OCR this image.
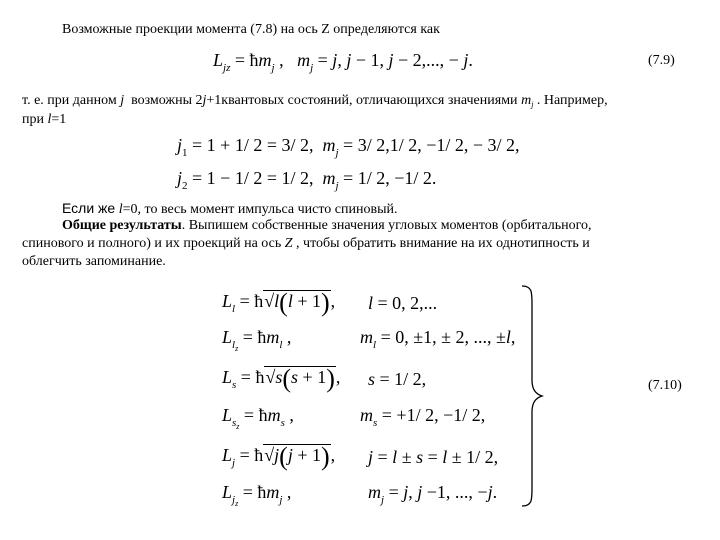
Возможные проекции момента (7.8) на ось Z определяются как
$L_{jz}$ = $ħm_j$ ,   $m_j = j$, j − 1, j − 2,..., − j.	(7.9)
т. е. при данном j  возможны 2j+1квантовых состояний, отличающихся значениями $m_j$ . Например,
при l=1
$j_1 = 1 + 1/$ 2 = 3/ 2,  $m_j = 3/$ 2,1/ 2, −1/ 2, − 3/ 2,
$j_2 = 1 - 1/$ 2 = 1/ 2,  $m_j = 1/$ 2, −1/ 2.
Если же l=0, то весь момент импульса чисто спиновый.
Общие результаты. Выпишем собственные значения угловых моментов (орбитального,
спинового и полного) и их проекций на ось Z , чтобы обратить внимание на их однотипность и
облегчить запоминание.
$L_l$ = ħ√l(l + 1), l = 0, 2,...
$L_{l_z}$ = $ħm_l$ ,	$m_l = 0$, ±1, ± 2, ..., ±l,
$L_s$ = ħ√s(s + 1), s = 1/ 2,
$L_{s_z}$ = $ħm_s$ ,	$m_s = +1/$ 2, −1/ 2,
$L_j$ = ħ√j(j + 1), j = l ± s = l ± 1/ 2,
$L_{j_z}$ = $ħm_j$ ,	$m_j = j$, j −1, ..., −j.
(7.10)
